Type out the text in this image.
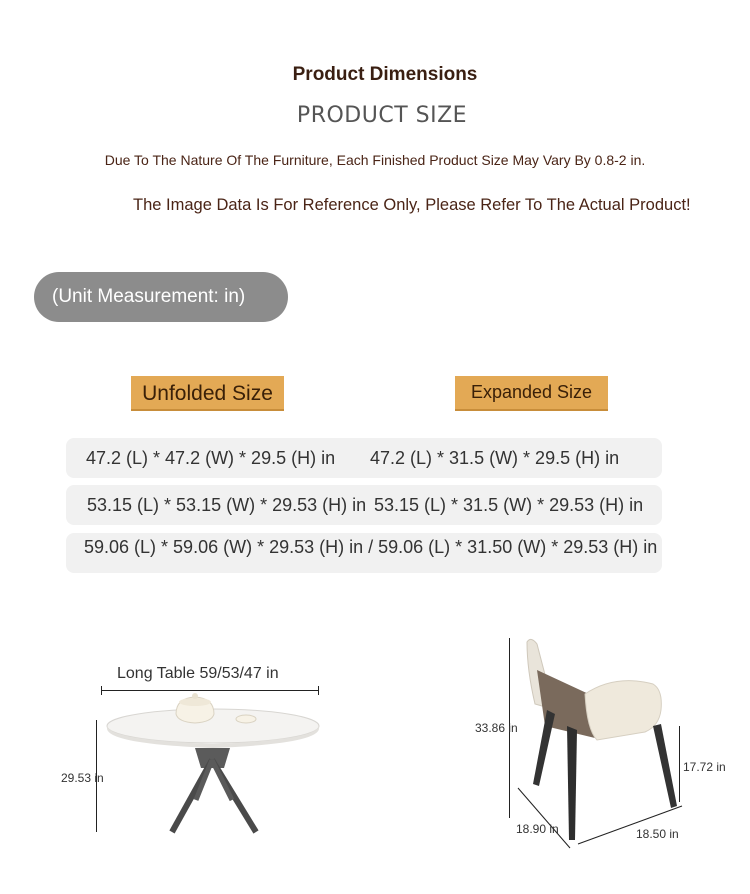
Product Dimensions
PRODUCT SIZE
Due To The Nature Of The Furniture, Each Finished Product Size May Vary By 0.8-2 in.
The Image Data Is For Reference Only, Please Refer To The Actual Product!
(Unit Measurement: in)
Unfolded Size	Expanded Size
47.2 (L) * 47.2 (W) * 29.5 (H) in 47.2 (L) * 31.5 (W) * 29.5 (H) in
53.15 (L) * 53.15 (W) * 29.53 (H) in 53.15 (L) * 31.5 (W) * 29.53 (H) in
59.06 (L) * 59.06 (W) * 29.53 (H) in / 59.06 (L) * 31.50 (W) * 29.53 (H) in
Long Table 59/53/47 in
29.53 in
33.86 in
17.72 in
18.90 in	18.50 in
